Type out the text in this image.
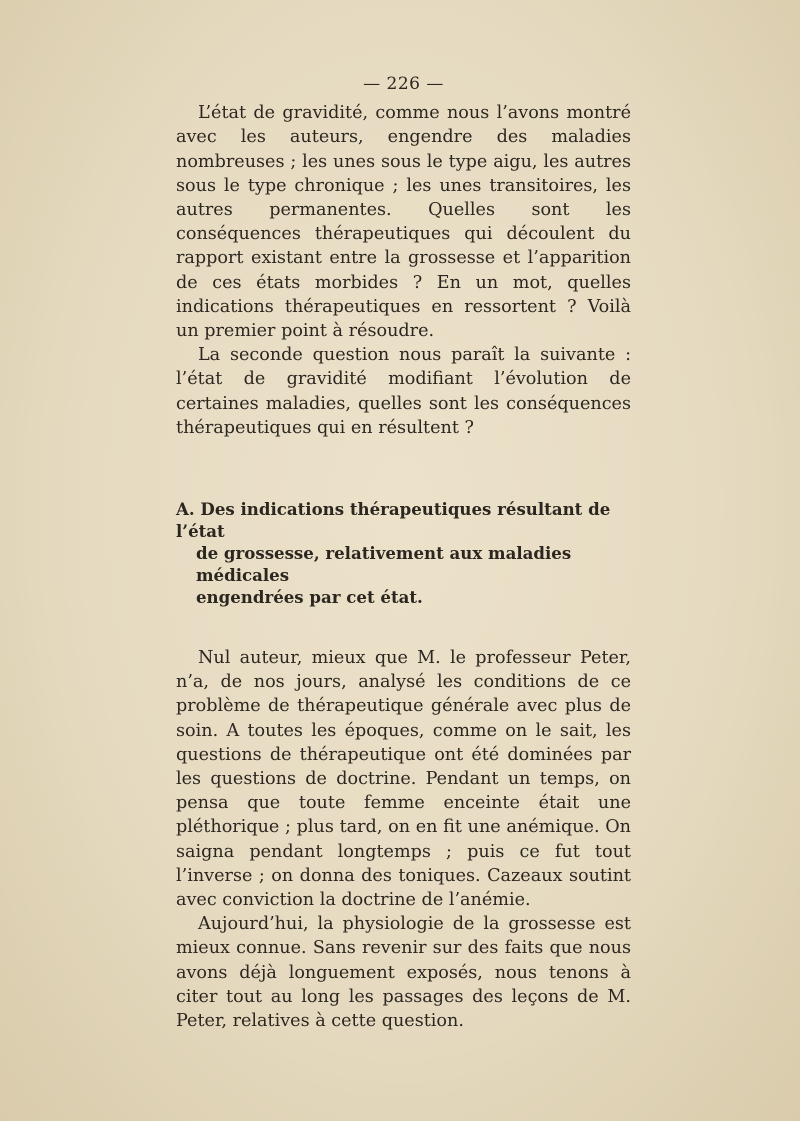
— 226 —

L’état de gravidité, comme nous l’avons montré avec les auteurs, engendre des maladies nombreuses ; les unes sous le type aigu, les autres sous le type chronique ; les unes transitoires, les autres permanentes. Quelles sont les conséquences thérapeutiques qui découlent du rapport existant entre la grossesse et l’apparition de ces états morbides ? En un mot, quelles indications thérapeutiques en ressortent ? Voilà un premier point à résoudre.

La seconde question nous paraît la suivante : l’état de gravidité modifiant l’évolution de certaines maladies, quelles sont les conséquences thérapeutiques qui en résultent ?

A. Des indications thérapeutiques résultant de l’état
de grossesse, relativement aux maladies médicales
engendrées par cet état.

Nul auteur, mieux que M. le professeur Peter, n’a, de nos jours, analysé les conditions de ce problème de thérapeutique générale avec plus de soin. A toutes les époques, comme on le sait, les questions de thérapeutique ont été dominées par les questions de doctrine. Pendant un temps, on pensa que toute femme enceinte était une pléthorique ; plus tard, on en fit une anémique. On saigna pendant longtemps ; puis ce fut tout l’inverse ; on donna des toniques. Cazeaux soutint avec conviction la doctrine de l’anémie.

Aujourd’hui, la physiologie de la grossesse est mieux connue. Sans revenir sur des faits que nous avons déjà longuement exposés, nous tenons à citer tout au long les passages des leçons de M. Peter, relatives à cette question.
